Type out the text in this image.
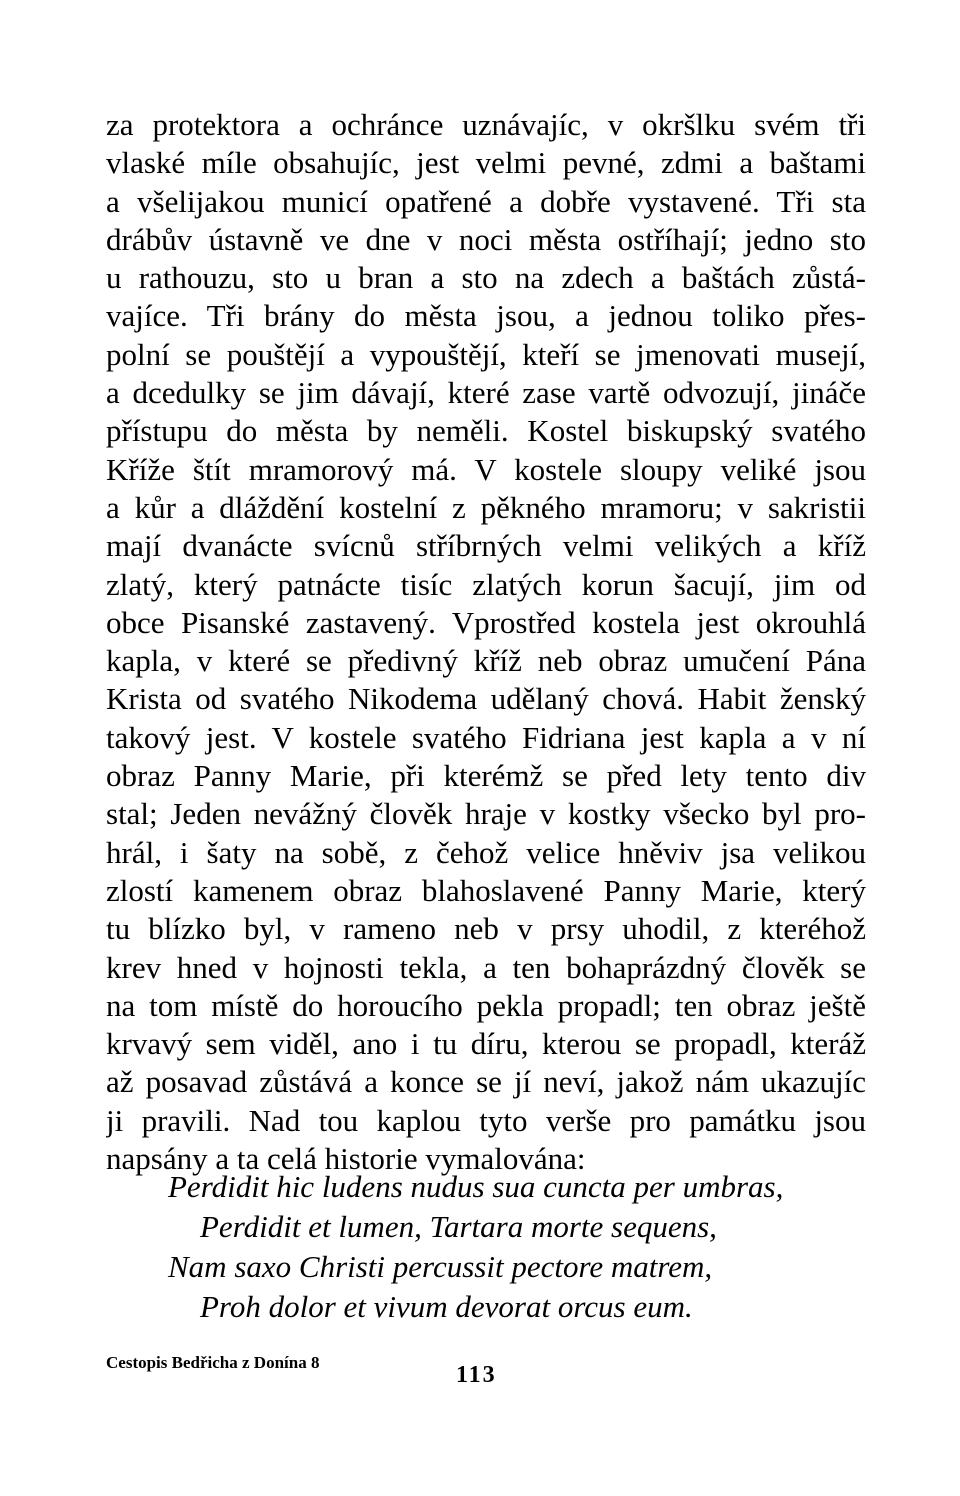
za protektora a ochránce uznávajíc, v okršlku svém tři
vlaské míle obsahujíc, jest velmi pevné, zdmi a baštami
a všelijakou municí opatřené a dobře vystavené. Tři sta
drábův ústavně ve dne v noci města ostříhají; jedno sto
u rathouzu, sto u bran a sto na zdech a baštách zůstá-
vajíce. Tři brány do města jsou, a jednou toliko přes-
polní se pouštějí a vypouštějí, kteří se jmenovati musejí,
a dcedulky se jim dávají, které zase vartě odvozují, jináče
přístupu do města by neměli. Kostel biskupský svatého
Kříže štít mramorový má. V kostele sloupy veliké jsou
a kůr a dláždění kostelní z pěkného mramoru; v sakristii
mají dvanácte svícnů stříbrných velmi velikých a kříž
zlatý, který patnácte tisíc zlatých korun šacují, jim od
obce Pisanské zastavený. Vprostřed kostela jest okrouhlá
kapla, v které se předivný kříž neb obraz umučení Pána
Krista od svatého Nikodema udělaný chová. Habit ženský
takový jest. V kostele svatého Fidriana jest kapla a v ní
obraz Panny Marie, při kterémž se před lety tento div
stal; Jeden nevážný člověk hraje v kostky všecko byl pro-
hrál, i šaty na sobě, z čehož velice hněviv jsa velikou
zlostí kamenem obraz blahoslavené Panny Marie, který
tu blízko byl, v rameno neb v prsy uhodil, z kteréhož
krev hned v hojnosti tekla, a ten bohaprázdný člověk se
na tom místě do horoucího pekla propadl; ten obraz ještě
krvavý sem viděl, ano i tu díru, kterou se propadl, kteráž
až posavad zůstává a konce se jí neví, jakož nám ukazujíc
ji pravili. Nad tou kaplou tyto verše pro památku jsou
napsány a ta celá historie vymalována:
Perdidit hic ludens nudus sua cuncta per umbras,
Perdidit et lumen, Tartara morte sequens,
Nam saxo Christi percussit pectore matrem,
Proh dolor et vivum devorat orcus eum.
Cestopis Bedřicha z Donína 8	113
